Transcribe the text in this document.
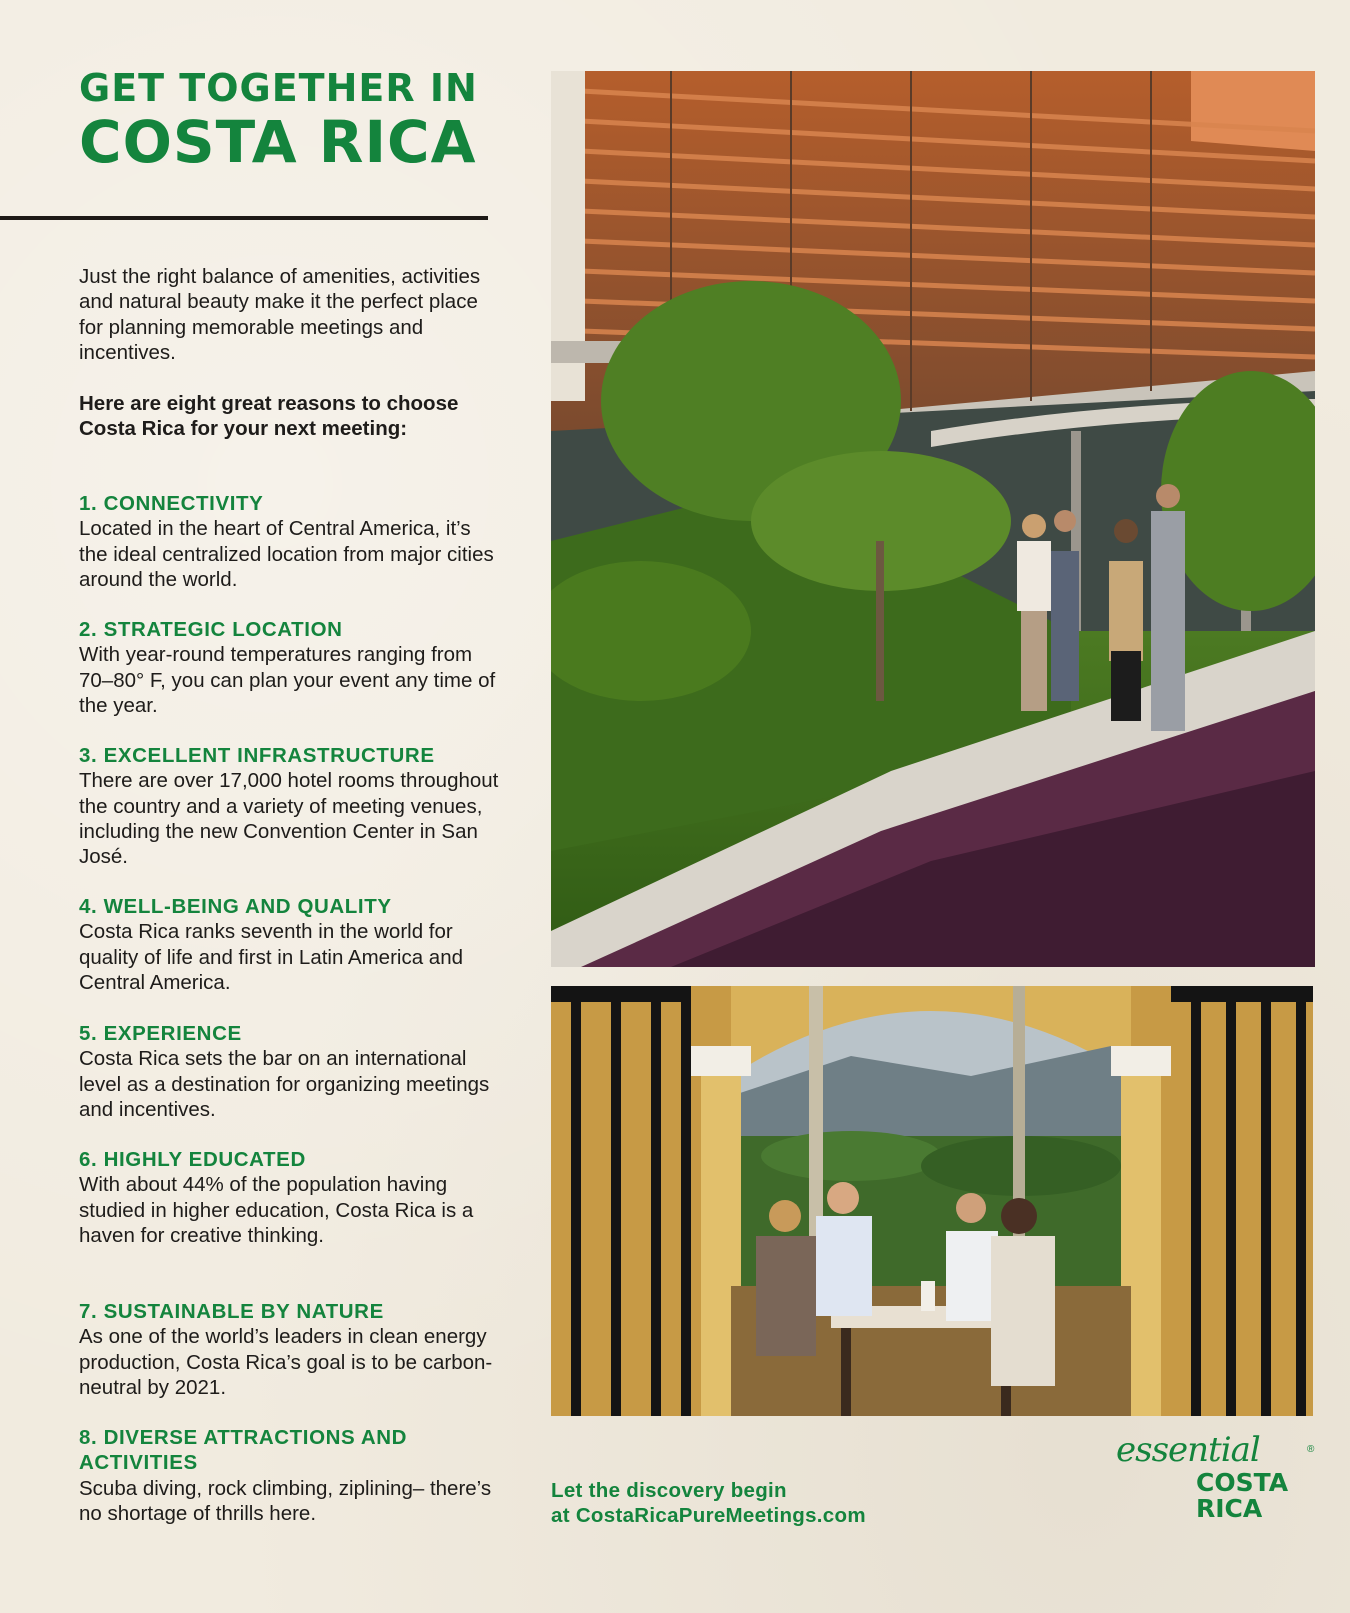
GET TOGETHER IN
COSTA RICA

Just the right balance of amenities, activities and natural beauty make it the perfect place for planning memorable meetings and incentives.

Here are eight great reasons to choose Costa Rica for your next meeting:

1. CONNECTIVITY

Located in the heart of Central America, it’s the ideal centralized location from major cities around the world.

2. STRATEGIC LOCATION

With year-round temperatures ranging from 70–80° F, you can plan your event any time of the year.

3. EXCELLENT INFRASTRUCTURE

There are over 17,000 hotel rooms throughout the country and a variety of meeting venues, including the new Convention Center in San José.

4. WELL-BEING AND QUALITY

Costa Rica ranks seventh in the world for quality of life and first in Latin America and Central America.

5. EXPERIENCE

Costa Rica sets the bar on an international level as a destination for organizing meetings and incentives.

6. HIGHLY EDUCATED

With about 44% of the population having studied in higher education, Costa Rica is a haven for creative thinking.

7. SUSTAINABLE BY NATURE

As one of the world’s leaders in clean energy production, Costa Rica’s goal is to be carbon-neutral by 2021.

8. DIVERSE ATTRACTIONS AND ACTIVITIES

Scuba diving, rock climbing, ziplining– there’s no shortage of thrills here.

Let the discovery begin
at CostaRicaPureMeetings.com

essential	®
COSTA
RICA
